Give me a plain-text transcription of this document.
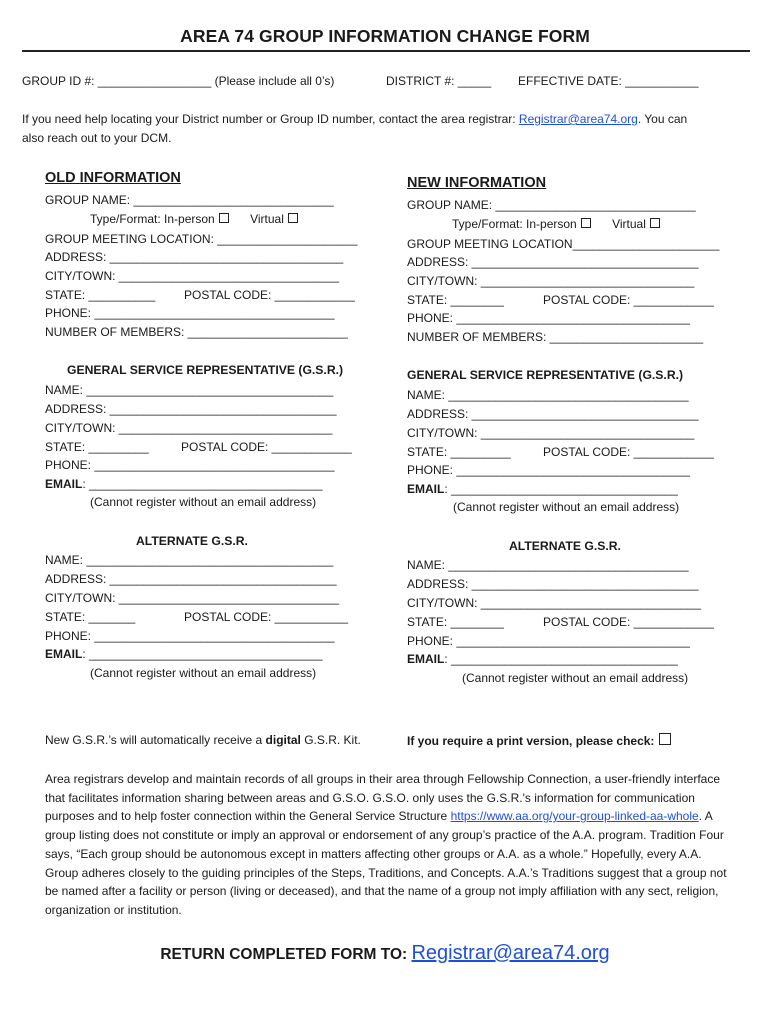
AREA 74 GROUP INFORMATION CHANGE FORM
GROUP ID #: _________________ (Please include all 0’s)	DISTRICT #: _____ EFFECTIVE DATE: ___________
If you need help locating your District number or Group ID number, contact the area registrar: Registrar@area74.org. You can
also reach out to your DCM.
OLD INFORMATION
GROUP NAME: ______________________________
Type/Format: In-person	Virtual
GROUP MEETING LOCATION: _____________________
ADDRESS: ___________________________________
CITY/TOWN: _________________________________
STATE: __________ POSTAL CODE: ____________
PHONE: ____________________________________
NUMBER OF MEMBERS: ________________________
GENERAL SERVICE REPRESENTATIVE (G.S.R.)
NAME: _____________________________________
ADDRESS: __________________________________
CITY/TOWN: ________________________________
STATE: _________	POSTAL CODE: ____________
PHONE: ____________________________________
EMAIL: ___________________________________
(Cannot register without an email address)
ALTERNATE G.S.R.
NAME: _____________________________________
ADDRESS: __________________________________
CITY/TOWN: _________________________________
STATE: _______	POSTAL CODE: ___________
PHONE: ____________________________________
EMAIL: ___________________________________
(Cannot register without an email address)
NEW INFORMATION
GROUP NAME: ______________________________
Type/Format: In-person	Virtual
GROUP MEETING LOCATION______________________
ADDRESS: __________________________________
CITY/TOWN: ________________________________
STATE: ________	POSTAL CODE: ____________
PHONE: ___________________________________
NUMBER OF MEMBERS: _______________________
GENERAL SERVICE REPRESENTATIVE (G.S.R.)
NAME: ____________________________________
ADDRESS: __________________________________
CITY/TOWN: ________________________________
STATE: _________	POSTAL CODE: ____________
PHONE: ___________________________________
EMAIL: __________________________________
(Cannot register without an email address)
ALTERNATE G.S.R.
NAME: ____________________________________
ADDRESS: __________________________________
CITY/TOWN: _________________________________
STATE: ________	POSTAL CODE: ____________
PHONE: ___________________________________
EMAIL: __________________________________
(Cannot register without an email address)
New G.S.R.’s will automatically receive a digital G.S.R. Kit.	If you require a print version, please check:
Area registrars develop and maintain records of all groups in their area through Fellowship Connection, a user-friendly interface that facilitates information sharing between areas and G.S.O. G.S.O. only uses the G.S.R.'s information for communication purposes and to help foster connection within the General Service Structure https://www.aa.org/your-group-linked-aa-whole. A group listing does not constitute or imply an approval or endorsement of any group’s practice of the A.A. program. Tradition Four says, “Each group should be autonomous except in matters affecting other groups or A.A. as a whole.” Hopefully, every A.A. Group adheres closely to the guiding principles of the Steps, Traditions, and Concepts. A.A.’s Traditions suggest that a group not be named after a facility or person (living or deceased), and that the name of a group not imply affiliation with any sect, religion, organization or institution.
RETURN COMPLETED FORM TO: Registrar@area74.org
